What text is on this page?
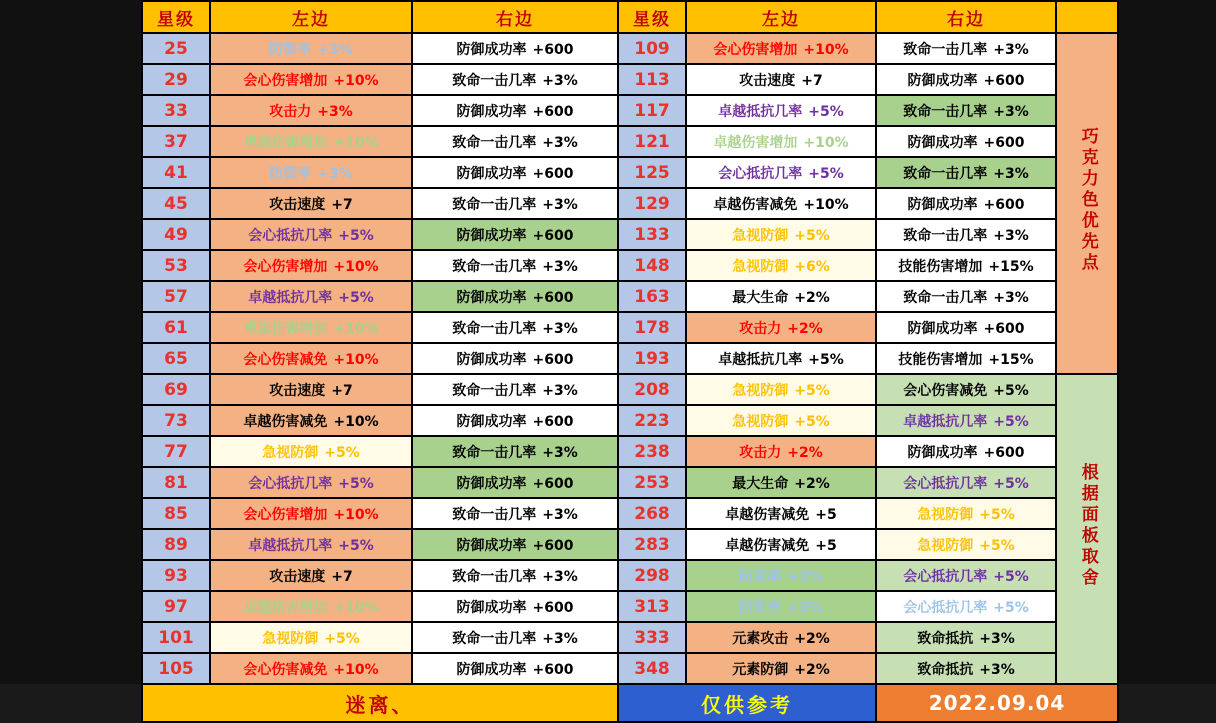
星级	左边	右边	星级	左边	右边	
25	防御率 +3%	防御成功率 +600	109	会心伤害增加 +10%	致命一击几率 +3%	巧克力色优先点
29	会心伤害增加 +10%	致命一击几率 +3%	113	攻击速度 +7	防御成功率 +600	
33	攻击力 +3%	防御成功率 +600	117	卓越抵抗几率 +5%	致命一击几率 +3%	
37	卓越伤害增加 +10%	致命一击几率 +3%	121	卓越伤害增加 +10%	防御成功率 +600	
41	防御率 +3%	防御成功率 +600	125	会心抵抗几率 +5%	致命一击几率 +3%	
45	攻击速度 +7	致命一击几率 +3%	129	卓越伤害减免 +10%	防御成功率 +600	
49	会心抵抗几率 +5%	防御成功率 +600	133	急视防御 +5%	致命一击几率 +3%	
53	会心伤害增加 +10%	致命一击几率 +3%	148	急视防御 +6%	技能伤害增加 +15%	
57	卓越抵抗几率 +5%	防御成功率 +600	163	最大生命 +2%	致命一击几率 +3%	
61	卓越伤害增加 +10%	致命一击几率 +3%	178	攻击力 +2%	防御成功率 +600	
65	会心伤害减免 +10%	防御成功率 +600	193	卓越抵抗几率 +5%	技能伤害增加 +15%	
69	攻击速度 +7	致命一击几率 +3%	208	急视防御 +5%	会心伤害减免 +5%	根据面板取舍
73	卓越伤害减免 +10%	防御成功率 +600	223	急视防御 +5%	卓越抵抗几率 +5%	
77	急视防御 +5%	致命一击几率 +3%	238	攻击力 +2%	防御成功率 +600	
81	会心抵抗几率 +5%	防御成功率 +600	253	最大生命 +2%	会心抵抗几率 +5%	
85	会心伤害增加 +10%	致命一击几率 +3%	268	卓越伤害减免 +5	急视防御 +5%	
89	卓越抵抗几率 +5%	防御成功率 +600	283	卓越伤害减免 +5	急视防御 +5%	
93	攻击速度 +7	致命一击几率 +3%	298	防御率 +3%	会心抵抗几率 +5%	
97	卓越伤害增加 +10%	防御成功率 +600	313	防御率 +3%	会心抵抗几率 +5%	
101	急视防御 +5%	致命一击几率 +3%	333	元素攻击 +2%	致命抵抗 +3%	
105	会心伤害减免 +10%	防御成功率 +600	348	元素防御 +2%	致命抵抗 +3%	
迷离、			仅供参考		2022.09.04	
